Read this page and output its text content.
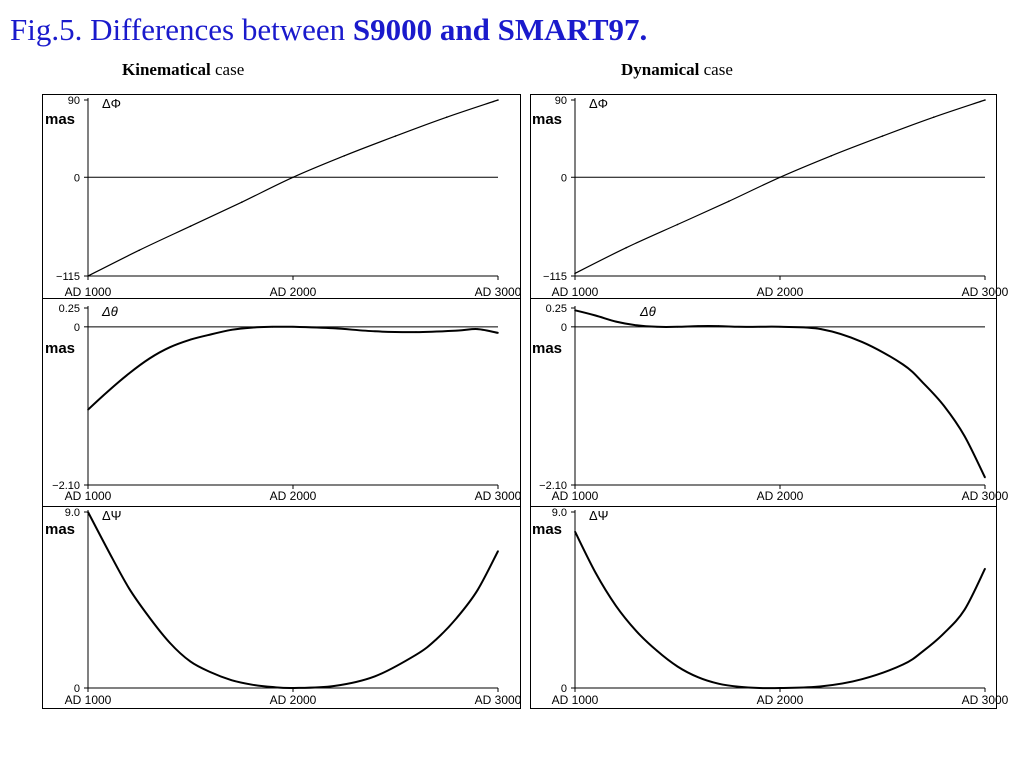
Fig.5. Differences between S9000 and SMART97.
Kinematical case	Dynamical case
90
0
−115
AD 1000	AD 2000	AD 3000
mas
ΔΦ
0.25
0
−2.10
AD 1000	AD 2000	AD 3000
mas
Δθ
9.0
0
AD 1000	AD 2000	AD 3000
mas
ΔΨ
90
0
−115
AD 1000	AD 2000	AD 3000
mas
ΔΦ
0.25
0
−2.10
AD 1000	AD 2000	AD 3000
mas
Δθ
9.0
0
AD 1000	AD 2000	AD 3000
mas
ΔΨ
